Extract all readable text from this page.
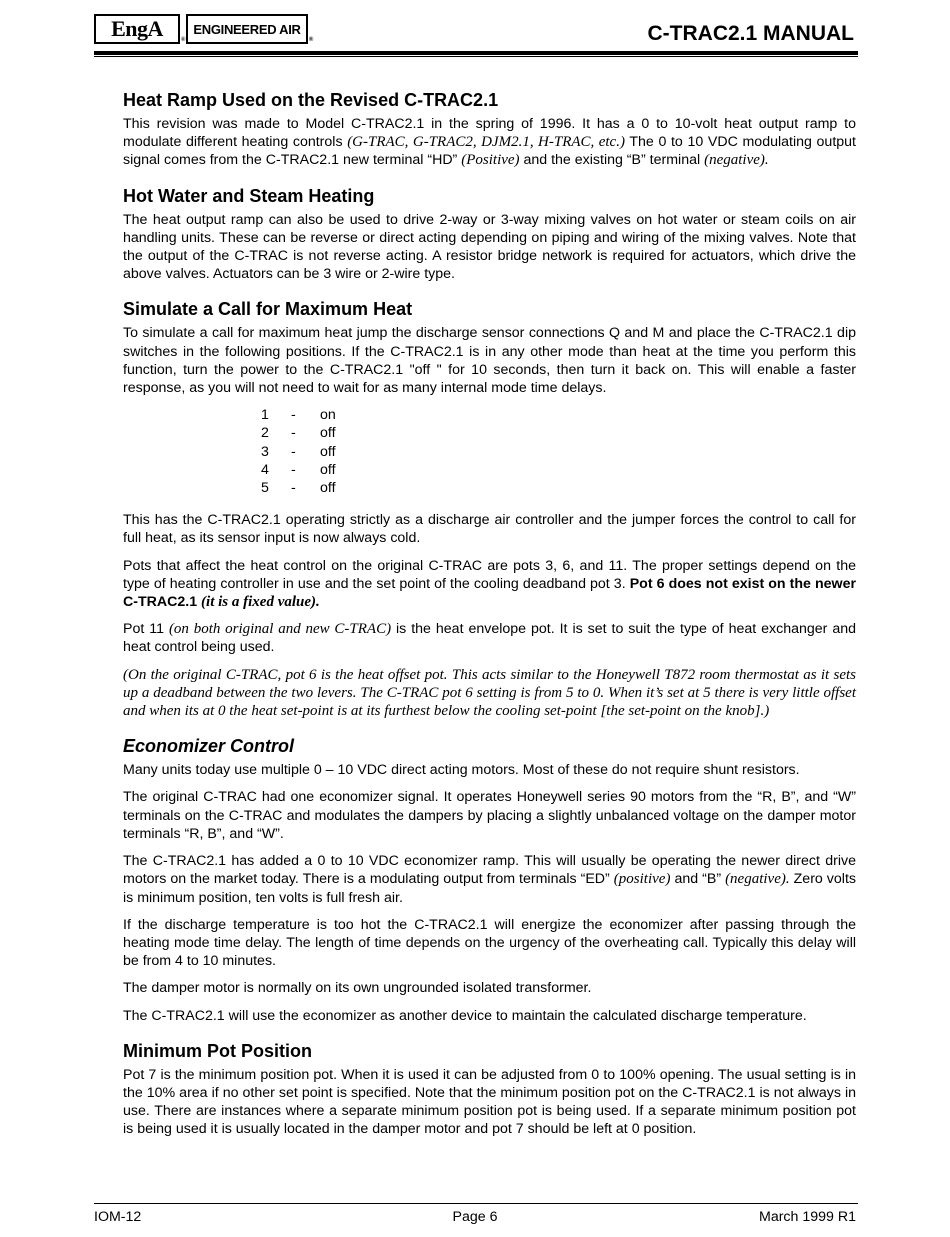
EngA	®
ENGINEERED AIR
®	C-TRAC2.1 MANUAL
Heat Ramp Used on the Revised C-TRAC2.1

This revision was made to Model C-TRAC2.1 in the spring of 1996. It has a 0 to 10-volt heat output ramp to modulate different heating controls (G-TRAC, G-TRAC2, DJM2.1, H-TRAC, etc.) The 0 to 10 VDC modulating output signal comes from the C-TRAC2.1 new terminal “HD” (Positive) and the existing “B” terminal (negative).

Hot Water and Steam Heating

The heat output ramp can also be used to drive 2-way or 3-way mixing valves on hot water or steam coils on air handling units. These can be reverse or direct acting depending on piping and wiring of the mixing valves. Note that the output of the C-TRAC is not reverse acting. A resistor bridge network is required for actuators, which drive the above valves. Actuators can be 3 wire or 2-wire type.

Simulate a Call for Maximum Heat

To simulate a call for maximum heat jump the discharge sensor connections Q and M and place the C-TRAC2.1 dip switches in the following positions. If the C-TRAC2.1 is in any other mode than heat at the time you perform this function, turn the power to the C-TRAC2.1 "off " for 10 seconds, then turn it back on. This will enable a faster response, as you will not need to wait for as many internal mode time delays.

1	-	on
2	-	off
3	-	off
4	-	off
5	-	off

This has the C-TRAC2.1 operating strictly as a discharge air controller and the jumper forces the control to call for full heat, as its sensor input is now always cold.

Pots that affect the heat control on the original C-TRAC are pots 3, 6, and 11. The proper settings depend on the type of heating controller in use and the set point of the cooling deadband pot 3. Pot 6 does not exist on the newer C-TRAC2.1 (it is a fixed value).

Pot 11 (on both original and new C-TRAC) is the heat envelope pot. It is set to suit the type of heat exchanger and heat control being used.

(On the original C-TRAC, pot 6 is the heat offset pot. This acts similar to the Honeywell T872 room thermostat as it sets up a deadband between the two levers. The C-TRAC pot 6 setting is from 5 to 0. When it’s set at 5 there is very little offset and when its at 0 the heat set-point is at its furthest below the cooling set-point [the set-point on the knob].)

Economizer Control

Many units today use multiple 0 – 10 VDC direct acting motors. Most of these do not require shunt resistors.

The original C-TRAC had one economizer signal. It operates Honeywell series 90 motors from the “R, B”, and “W” terminals on the C-TRAC and modulates the dampers by placing a slightly unbalanced voltage on the damper motor terminals “R, B”, and “W”.

The C-TRAC2.1 has added a 0 to 10 VDC economizer ramp. This will usually be operating the newer direct drive motors on the market today. There is a modulating output from terminals “ED” (positive) and “B” (negative). Zero volts is minimum position, ten volts is full fresh air.

If the discharge temperature is too hot the C-TRAC2.1 will energize the economizer after passing through the heating mode time delay. The length of time depends on the urgency of the overheating call. Typically this delay will be from 4 to 10 minutes.

The damper motor is normally on its own ungrounded isolated transformer.

The C-TRAC2.1 will use the economizer as another device to maintain the calculated discharge temperature.

Minimum Pot Position

Pot 7 is the minimum position pot. When it is used it can be adjusted from 0 to 100% opening. The usual setting is in the 10% area if no other set point is specified. Note that the minimum position pot on the C-TRAC2.1 is not always in use. There are instances where a separate minimum position pot is being used. If a separate minimum position pot is being used it is usually located in the damper motor and pot 7 should be left at 0 position.

IOM-12	Page 6	March 1999 R1
